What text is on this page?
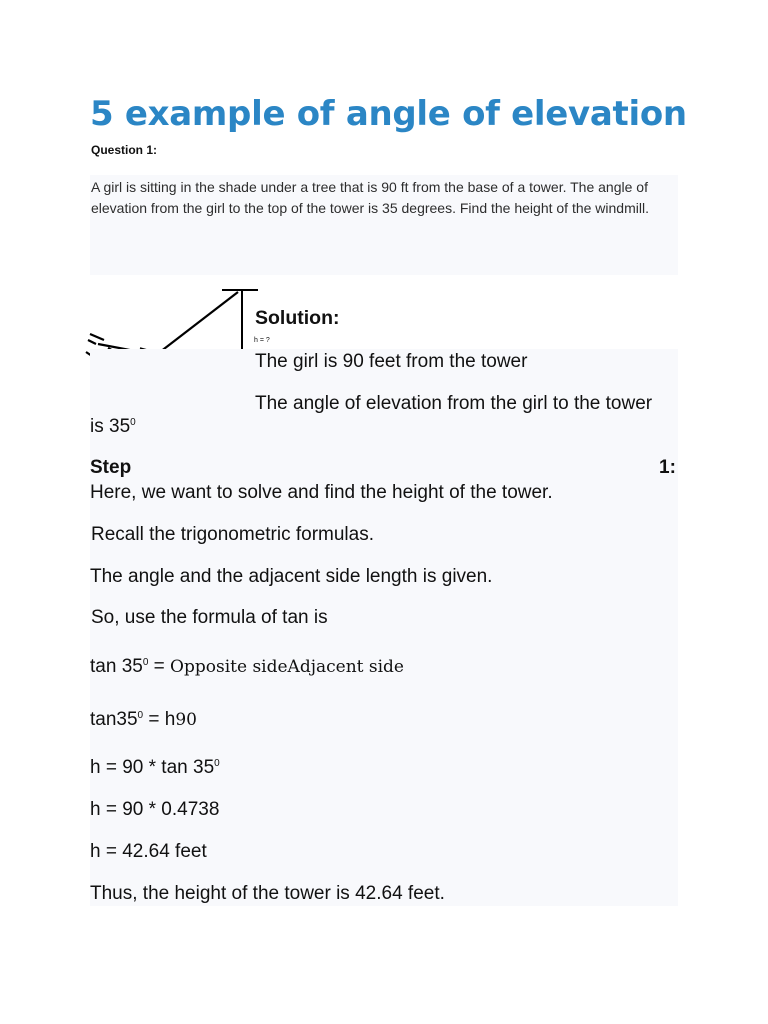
5 example of angle of elevation
Question 1:
A girl is sitting in the shade under a tree that is 90 ft from the base of a tower. The angle of elevation from the girl to the top of the tower is 35 degrees. Find the height of the windmill.
Solution:
h = ?
The girl is 90 feet from the tower
The angle of elevation from the girl to the tower
is $35^0$
Step	1:
Here, we want to solve and find the height of the tower.
Recall the trigonometric formulas.
The angle and the adjacent side length is given.
So, use the formula of tan is
$\tan 35^0$ = Opposite sideAdjacent side
$\tan 35^0 = h90$
$h = 90 * \tan 35^0$
h = 90 * 0.4738
h = 42.64 feet
Thus, the height of the tower is 42.64 feet.
